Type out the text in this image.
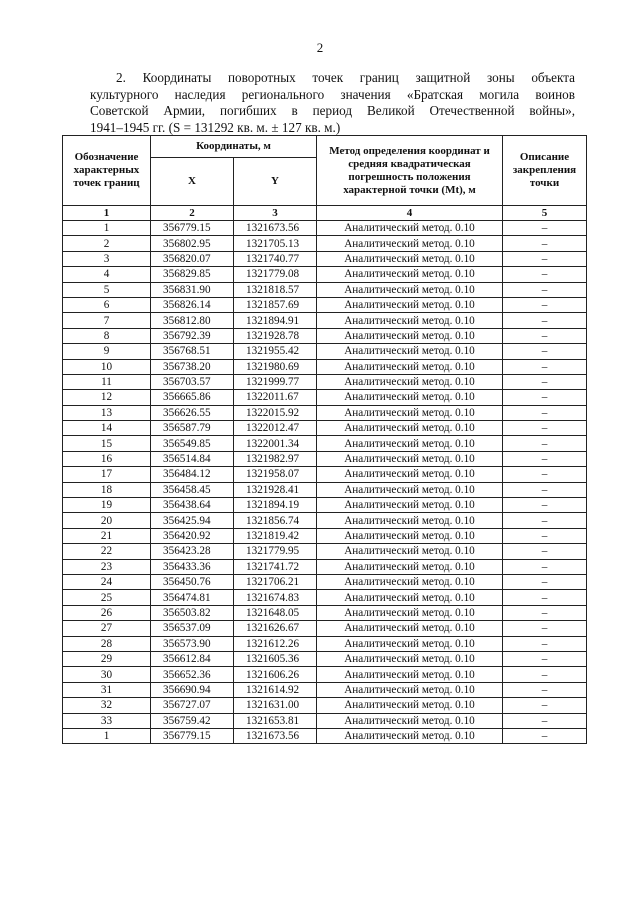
2
2. Координаты поворотных точек границ защитной зоны объекта
культурного наследия регионального значения «Братская могила воинов
Советской Армии, погибших в период Великой Отечественной войны»,
1941–1945 гг. (S = 131292 кв. м. ± 127 кв. м.)
Обозначение характерных точек границ	Координаты, м		Метод определения координат и средняя квадратическая погрешность положения характерной точки (Mt), м	Описание закрепления точки
	X	Y		
1	2	3	4	5
1	356779.15	1321673.56	Аналитический метод. 0.10	–
2	356802.95	1321705.13	Аналитический метод. 0.10	–
3	356820.07	1321740.77	Аналитический метод. 0.10	–
4	356829.85	1321779.08	Аналитический метод. 0.10	–
5	356831.90	1321818.57	Аналитический метод. 0.10	–
6	356826.14	1321857.69	Аналитический метод. 0.10	–
7	356812.80	1321894.91	Аналитический метод. 0.10	–
8	356792.39	1321928.78	Аналитический метод. 0.10	–
9	356768.51	1321955.42	Аналитический метод. 0.10	–
10	356738.20	1321980.69	Аналитический метод. 0.10	–
11	356703.57	1321999.77	Аналитический метод. 0.10	–
12	356665.86	1322011.67	Аналитический метод. 0.10	–
13	356626.55	1322015.92	Аналитический метод. 0.10	–
14	356587.79	1322012.47	Аналитический метод. 0.10	–
15	356549.85	1322001.34	Аналитический метод. 0.10	–
16	356514.84	1321982.97	Аналитический метод. 0.10	–
17	356484.12	1321958.07	Аналитический метод. 0.10	–
18	356458.45	1321928.41	Аналитический метод. 0.10	–
19	356438.64	1321894.19	Аналитический метод. 0.10	–
20	356425.94	1321856.74	Аналитический метод. 0.10	–
21	356420.92	1321819.42	Аналитический метод. 0.10	–
22	356423.28	1321779.95	Аналитический метод. 0.10	–
23	356433.36	1321741.72	Аналитический метод. 0.10	–
24	356450.76	1321706.21	Аналитический метод. 0.10	–
25	356474.81	1321674.83	Аналитический метод. 0.10	–
26	356503.82	1321648.05	Аналитический метод. 0.10	–
27	356537.09	1321626.67	Аналитический метод. 0.10	–
28	356573.90	1321612.26	Аналитический метод. 0.10	–
29	356612.84	1321605.36	Аналитический метод. 0.10	–
30	356652.36	1321606.26	Аналитический метод. 0.10	–
31	356690.94	1321614.92	Аналитический метод. 0.10	–
32	356727.07	1321631.00	Аналитический метод. 0.10	–
33	356759.42	1321653.81	Аналитический метод. 0.10	–
1	356779.15	1321673.56	Аналитический метод. 0.10	–
